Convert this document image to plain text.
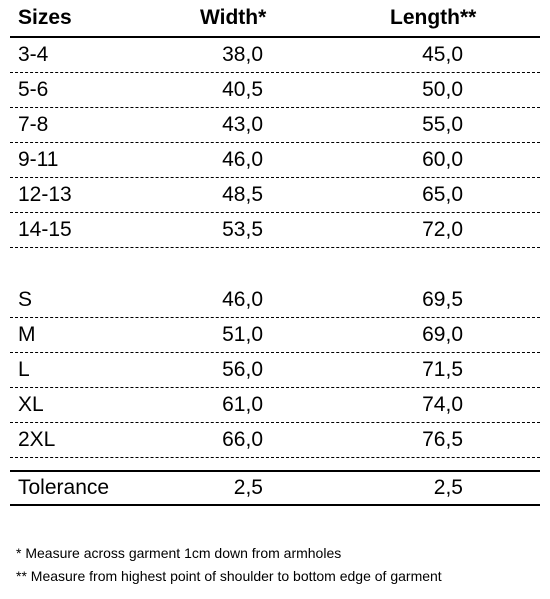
Sizes	Width*	Length**
3-4	38,0	45,0
5-6	40,5	50,0
7-8	43,0	55,0
9-11	46,0	60,0
12-13	48,5	65,0
14-15	53,5	72,0
S	46,0	69,5
M	51,0	69,0
L	56,0	71,5
XL	61,0	74,0
2XL	66,0	76,5
Tolerance	2,5	2,5
* Measure across garment 1cm down from armholes
** Measure from highest point of shoulder to bottom edge of garment
